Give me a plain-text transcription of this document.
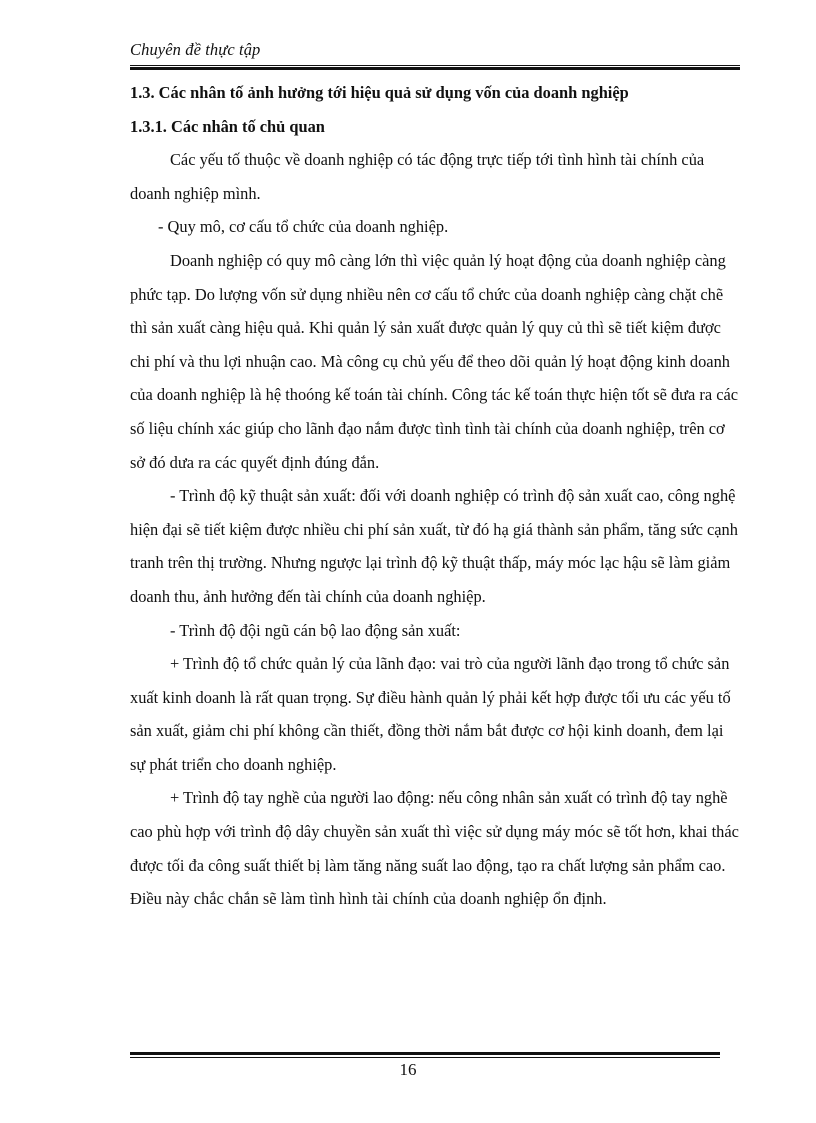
Chuyên đề thực tập

1.3. Các nhân tố ảnh hưởng tới hiệu quả sử dụng vốn của doanh nghiệp

1.3.1. Các nhân tố chủ quan

Các yếu tố thuộc về doanh nghiệp có tác động trực tiếp tới tình hình tài chính của doanh nghiệp mình.

- Quy mô, cơ cấu tổ chức của doanh nghiệp.

Doanh nghiệp có quy mô càng lớn thì việc quản lý hoạt động của doanh nghiệp càng phức tạp. Do lượng vốn sử dụng nhiều nên cơ cấu tổ chức của doanh nghiệp càng chặt chẽ thì sản xuất càng hiệu quả. Khi quản lý sản xuất được quản lý quy củ thì sẽ tiết kiệm được chi phí và thu lợi nhuận cao. Mà công cụ chủ yếu để theo dõi quản lý hoạt động kinh doanh của doanh nghiệp là hệ thoóng kế toán tài chính. Công tác kế toán thực hiện tốt sẽ đưa ra các số liệu chính xác giúp cho lãnh đạo nắm được tình tình tài chính của doanh nghiệp, trên cơ sở đó dưa ra các quyết định đúng đắn.

- Trình độ kỹ thuật sản xuất: đối với doanh nghiệp có trình độ sản xuất cao, công nghệ hiện đại sẽ tiết kiệm được nhiều chi phí sản xuất, từ đó hạ giá thành sản phẩm, tăng sức cạnh tranh trên thị trường. Nhưng ngược lại trình độ kỹ thuật thấp, máy móc lạc hậu sẽ làm giảm doanh thu, ảnh hưởng đến tài chính của doanh nghiệp.

- Trình độ đội ngũ cán bộ lao động sản xuất:

+ Trình độ tổ chức quản lý của lãnh đạo: vai trò của người lãnh đạo trong tổ chức sản xuất kinh doanh là rất quan trọng. Sự điều hành quản lý phải kết hợp được tối ưu các yếu tố sản xuất, giảm chi phí không cần thiết, đồng thời nắm bắt được cơ hội kinh doanh, đem lại sự phát triển cho doanh nghiệp.

+ Trình độ tay nghề của người lao động: nếu công nhân sản xuất có trình độ tay nghề cao phù hợp với trình độ dây chuyền sản xuất thì việc sử dụng máy móc sẽ tốt hơn, khai thác được tối đa công suất thiết bị làm tăng năng suất lao động, tạo ra chất lượng sản phẩm cao. Điều này chắc chắn sẽ làm tình hình tài chính của doanh nghiệp ổn định.

16
